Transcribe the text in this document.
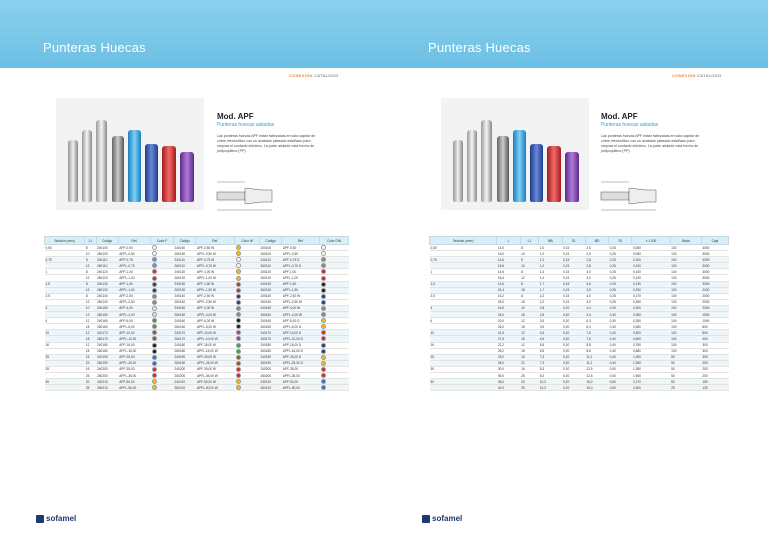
Punteras Huecas	Punteras Huecas
CONEXIÓN CATÁLOGO	CONEXIÓN CATÁLOGO
Mod. APF
Punteras huecas aisladas
Las punteras huecas APF están fabricadas en tubo capilar de cobre electrolítico con un acabado plateado estañado para mejorar el contacto eléctrico. La parte aislante está hecha de polipropileno (PP).
Mod. APF
Punteras huecas aisladas
Las punteras huecas APF están fabricadas en tubo capilar de cobre electrolítico con un acabado plateado estañado para mejorar el contacto eléctrico. La parte aislante está hecha de polipropileno (PP).
Sección (mm²)	L1	Código	Ref.	Color F	Código	Ref.	Color W	Código	Ref.	Color DIN
0,50	8	240100	APF-0,50		240150	APF-0,50 W		240100	APF-0,50	
	10	260100	APFL-0,50		260150	APFL-0,50 W		260100	APFL-0,50	
0,75	8	240110	APF-0,75		240110	APF-0,75 W		240110	APF-0,75 D	
	12	260110	APFL-0,75		260110	APFL-0,75 W		260110	APFL-0,75 D	
1	8	240120	APF-1,00		240120	APF-1,00 W		240120	APF-1,00	
	12	260120	APFL-1,00		260120	APFL-1,00 W		260120	APFL-1,00	
1,5	8	240130	APF-1,50		240130	APF-1,50 W		240130	APF-1,50	
	12	260130	APFL-1,50		260130	APFL-1,50 W		260130	APFL-1,50	
2,5	8	240140	APF-2,50		240140	APF-2,50 W		240140	APF-2,50 W	
	12	260140	APFL-2,50		260140	APFL-2,50 W		260140	APFL-2,50 W	
4	10	240150	APF-4,00		240150	APF-4,00 W		240150	APF-4,00 W	
	12	260150	APFL-4,00		260150	APFL-4,00 W		260150	APFL-4,00 W	
6	12	240160	APF-6,00		240160	APF-6,00 W		240160	APF-6,00 D	
	18	260160	APFL-6,00		260160	APFL-6,00 W		260160	APFL-6,00 D	
10	12	240170	APF-10,00		240170	APF-10,00 W		240170	APF-10,00 D	
	18	260170	APFL-10,00		260170	APFL-10,00 W		260170	APFL-10,00 D	
16	12	240180	APF-16,00		240180	APF-16,00 W		240180	APF-16,00 D	
	18	260180	APFL-16,00		260180	APFL-16,00 W		260180	APFL-16,00 D	
25	16	240190	APF-25,00		240190	APF-25,00 W		240190	APF-25,00 D	
	22	260190	APFL-25,00		260190	APFL-25,00 W		260190	APFL-25,00 D	
35	16	240200	APF-35,00		240200	APF-35,00 W		240200	APF-35,00	
	25	260200	APFL-35,00		260200	APFL-35,00 W		260200	APFL-35,00	
50	20	240210	APF-50,00		240210	APF-50,00 W		240210	APF-50,00	
	25	260210	APFL-50,00		260210	APFL-50,00 W		260210	APFL-50,00	
Sección (mm²)	L	L1	ØB	S1	ØD	S2	x 1.000	Bolsa	Caja
0,50	14,0	8	1,0	0,15	2,6	0,25	0,050	100	4000
	16,0	10	1,0	0,15	2,6	0,25	0,050	100	3000
0,75	14,6	8	1,2	0,15	2,8	0,25	0,100	100	4000
	18,6	12	1,2	0,15	2,8	0,25	0,100	100	3000
1	14,6	8	1,4	0,15	3,0	0,25	0,100	100	3000
	18,4	12	1,4	0,15	3,0	0,25	0,130	100	3000
1,5	14,6	8	1,7	0,15	3,5	0,25	0,130	100	3000
	24,4	18	1,7	0,15	3,5	0,25	0,200	100	2000
2,5	15,2	8	2,2	0,15	4,0	0,25	0,170	100	2000
	25,0	18	2,2	0,15	4,0	0,25	0,260	100	2000
4	16,5	10	2,8	0,20	4,4	0,30	0,200	100	2000
	25,0	18	2,8	0,20	4,4	0,30	0,350	100	1500
6	20,0	12	3,5	0,20	6,3	0,30	0,350	100	1000
	26,0	18	3,5	0,20	6,3	0,30	0,650	100	800
10	21,5	12	4,5	0,20	7,6	0,40	0,520	100	800
	27,5	18	4,5	0,20	7,6	0,40	0,600	100	400
16	22,2	12	5,8	0,20	8,8	0,40	0,780	100	300
	28,2	18	5,8	0,20	8,8	0,40	0,880	100	300
25	29,0	16	7,3	0,20	11,2	0,40	1,000	50	300
	36,0	22	7,3	0,20	11,2	0,40	1,350	50	200
35	30,0	16	8,3	0,20	12,5	0,50	1,350	50	200
	39,0	25	8,3	0,20	12,5	0,50	1,550	50	200
50	36,0	20	10,3	0,20	15,0	0,60	2,170	50	150
	40,0	25	10,3	0,20	15,0	0,60	2,600	25	125
sofamel	sofamel
